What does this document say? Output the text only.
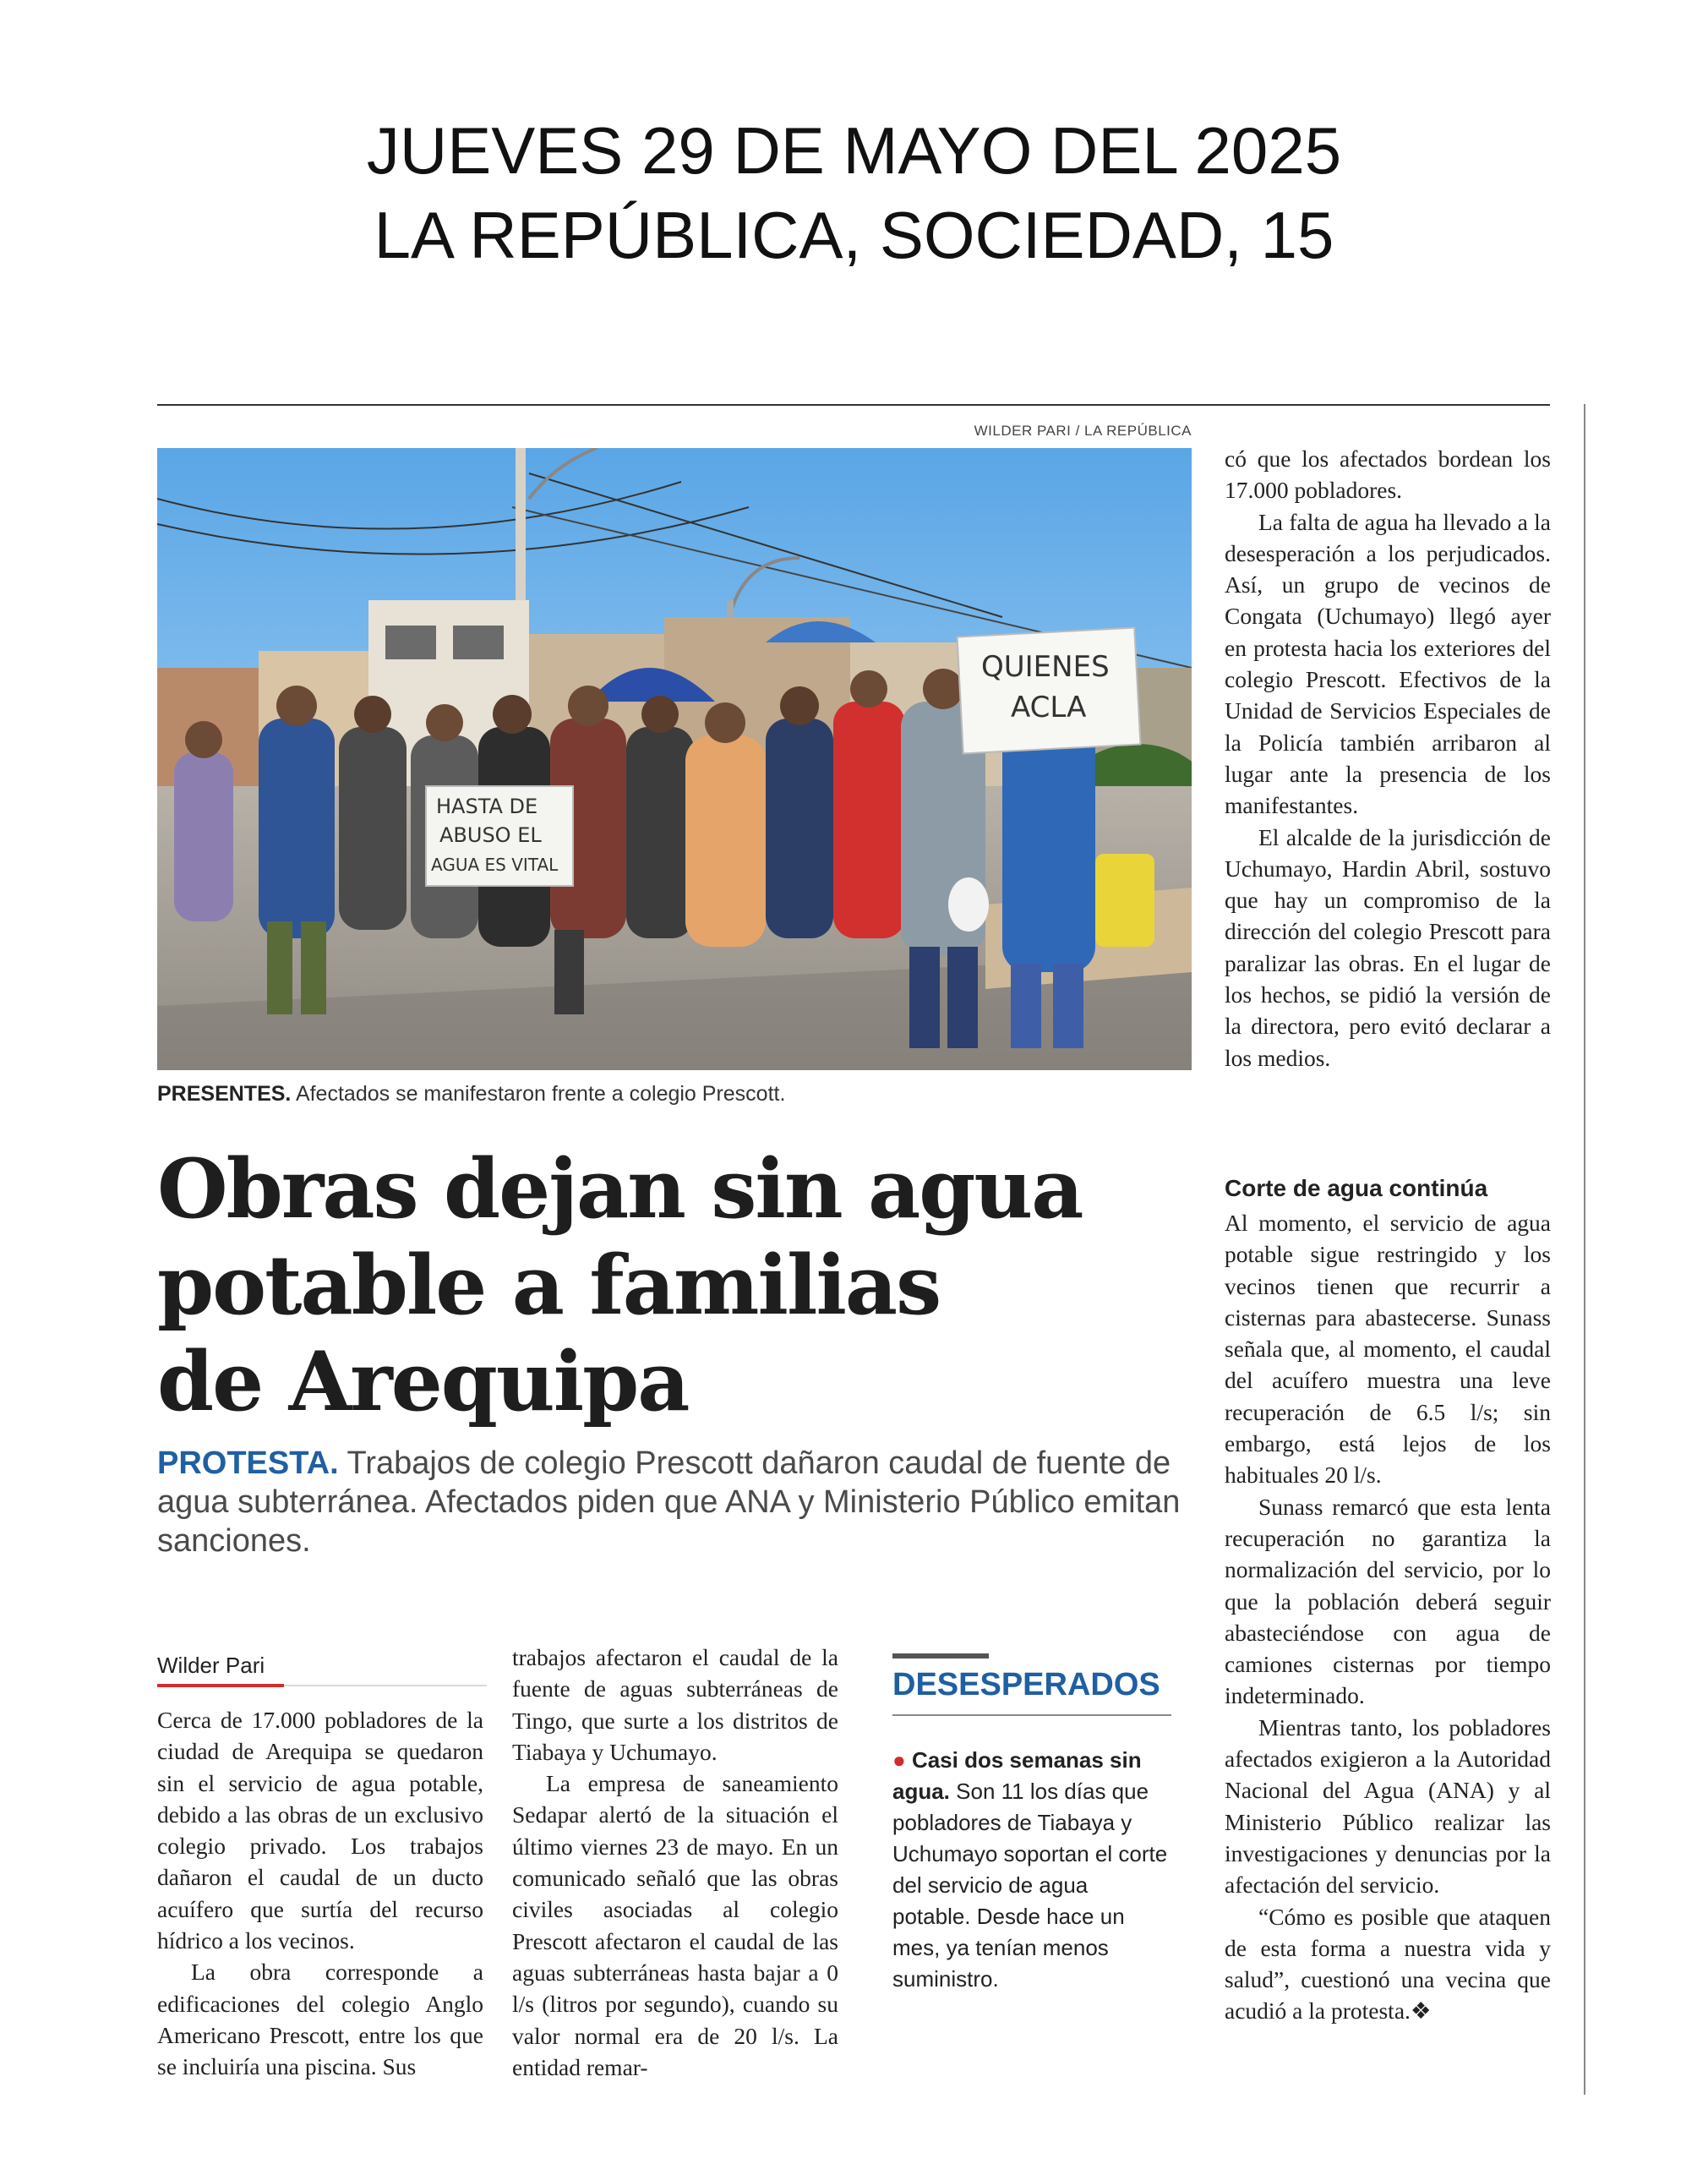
JUEVES 29 DE MAYO DEL 2025
LA REPÚBLICA, SOCIEDAD, 15
WILDER PARI / LA REPÚBLICA
HASTA DE
ABUSO EL
AGUA ES VITAL
QUIENES
ACLA
PRESENTES. Afectados se manifestaron frente a colegio Prescott.
Obras dejan sin agua
potable a familias
de Arequipa
PROTESTA. Trabajos de colegio Prescott dañaron caudal de fuente de agua subterránea. Afectados piden que ANA y Ministerio Público emitan sanciones.
Wilder Pari

Cerca de 17.000 pobladores de la ciudad de Arequipa se quedaron sin el servicio de agua potable, debido a las obras de un exclusivo colegio privado. Los trabajos dañaron el caudal de un ducto acuífero que surtía del recurso hídrico a los vecinos.

La obra corresponde a edificaciones del colegio Anglo Americano Prescott, entre los que se incluiría una piscina. Sus

trabajos afectaron el caudal de la fuente de aguas subterráneas de Tingo, que surte a los distritos de Tiabaya y Uchumayo.

La empresa de saneamiento Sedapar alertó de la situación el último viernes 23 de mayo. En un comunicado señaló que las obras civiles asociadas al colegio Prescott afectaron el caudal de las aguas subterráneas hasta bajar a 0 l/s (litros por segundo), cuando su valor normal era de 20 l/s. La entidad remar-

DESESPERADOS
● Casi dos semanas sin agua. Son 11 los días que pobladores de Tiabaya y Uchumayo soportan el corte del servicio de agua potable. Desde hace un mes, ya tenían menos suministro.

có que los afectados bordean los 17.000 pobladores.

La falta de agua ha llevado a la desesperación a los perjudicados. Así, un grupo de vecinos de Congata (Uchumayo) llegó ayer en protesta hacia los exteriores del colegio Prescott. Efectivos de la Unidad de Servicios Especiales de la Policía también arribaron al lugar ante la presencia de los manifestantes.

El alcalde de la jurisdicción de Uchumayo, Hardin Abril, sostuvo que hay un compromiso de la dirección del colegio Prescott para paralizar las obras. En el lugar de los hechos, se pidió la versión de la directora, pero evitó declarar a los medios.

Corte de agua continúa

Al momento, el servicio de agua potable sigue restringido y los vecinos tienen que recurrir a cisternas para abastecerse. Sunass señala que, al momento, el caudal del acuífero muestra una leve recuperación de 6.5 l/s; sin embargo, está lejos de los habituales 20 l/s.

Sunass remarcó que esta lenta recuperación no garantiza la normalización del servicio, por lo que la población deberá seguir abasteciéndose con agua de camiones cisternas por tiempo indeterminado.

Mientras tanto, los pobladores afectados exigieron a la Autoridad Nacional del Agua (ANA) y al Ministerio Público realizar las investigaciones y denuncias por la afectación del servicio.

“Cómo es posible que ataquen de esta forma a nuestra vida y salud”, cuestionó una vecina que acudió a la protesta.❖
